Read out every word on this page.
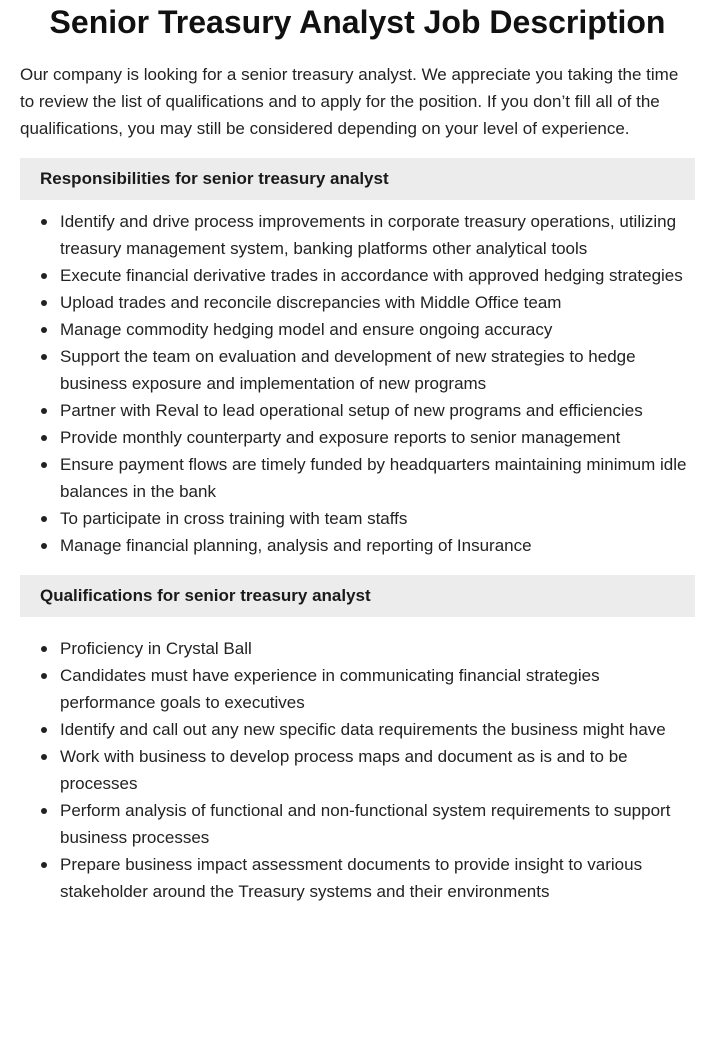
Senior Treasury Analyst Job Description

Our company is looking for a senior treasury analyst. We appreciate you taking the time to review the list of qualifications and to apply for the position. If you don’t fill all of the qualifications, you may still be considered depending on your level of experience.

Responsibilities for senior treasury analyst
Identify and drive process improvements in corporate treasury operations, utilizing treasury management system, banking platforms other analytical tools
Execute financial derivative trades in accordance with approved hedging strategies
Upload trades and reconcile discrepancies with Middle Office team
Manage commodity hedging model and ensure ongoing accuracy
Support the team on evaluation and development of new strategies to hedge business exposure and implementation of new programs
Partner with Reval to lead operational setup of new programs and efficiencies
Provide monthly counterparty and exposure reports to senior management
Ensure payment flows are timely funded by headquarters maintaining minimum idle balances in the bank
To participate in cross training with team staffs
Manage financial planning, analysis and reporting of Insurance
Qualifications for senior treasury analyst
Proficiency in Crystal Ball
Candidates must have experience in communicating financial strategies performance goals to executives
Identify and call out any new specific data requirements the business might have
Work with business to develop process maps and document as is and to be processes
Perform analysis of functional and non-functional system requirements to support business processes
Prepare business impact assessment documents to provide insight to various stakeholder around the Treasury systems and their environments
